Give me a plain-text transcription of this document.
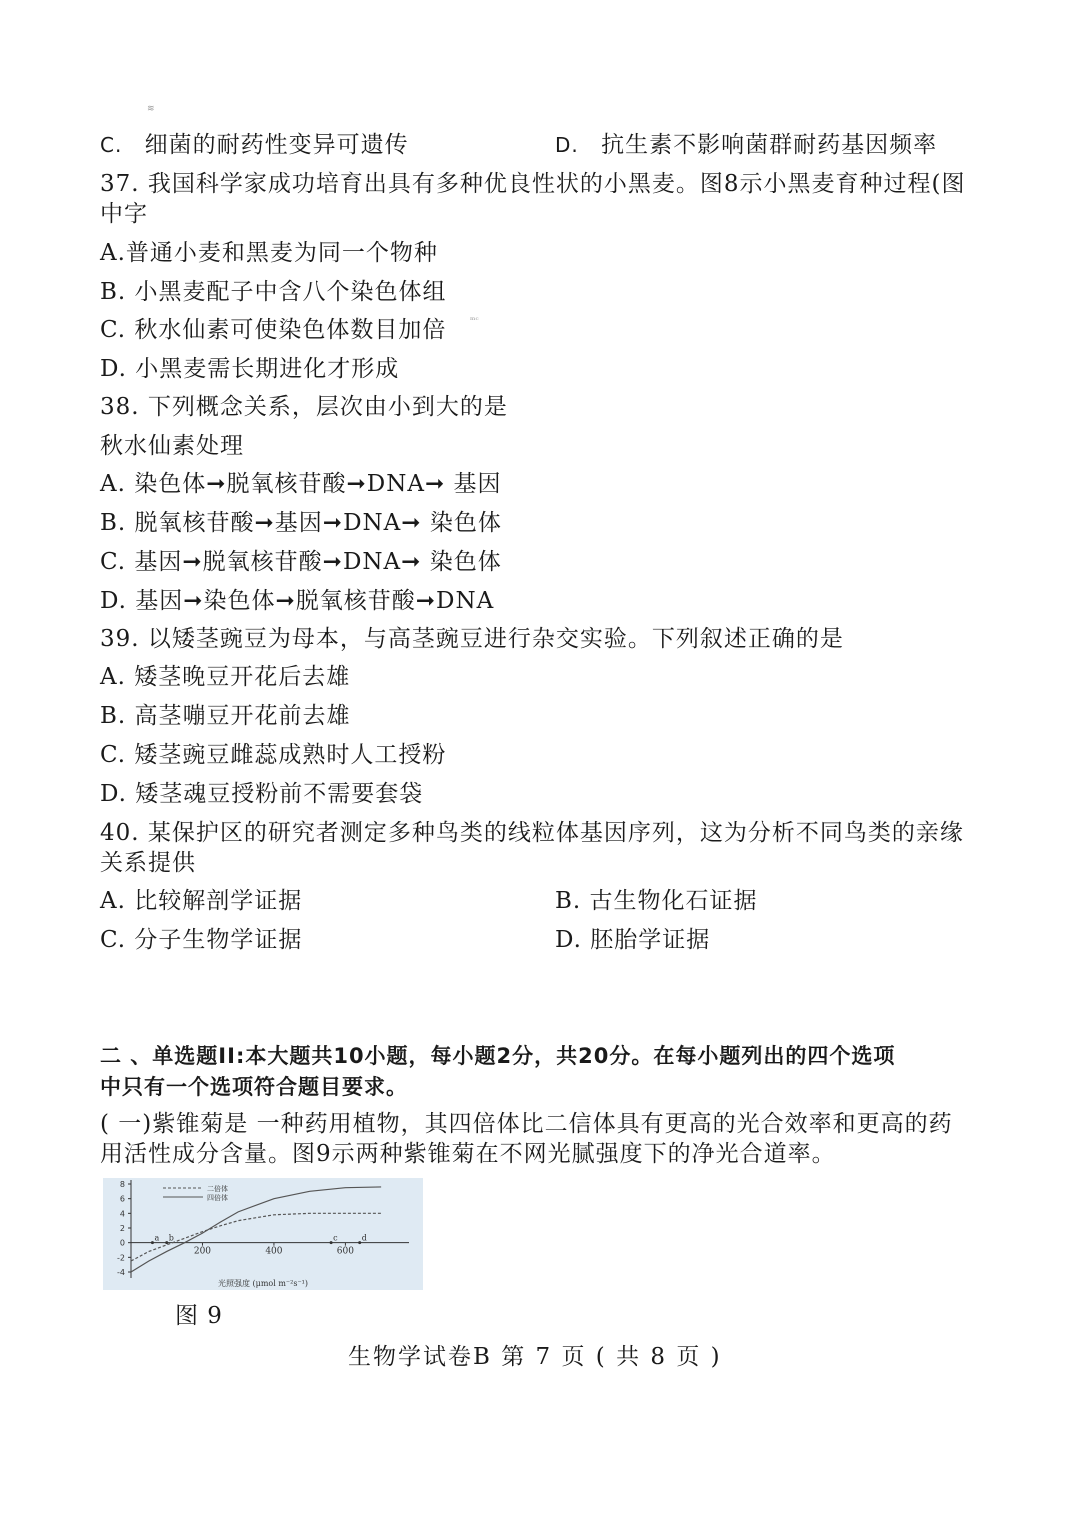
≋
ᵐᶜ
C. 细菌的耐药性变异可遗传	D. 抗生素不影响菌群耐药基因频率
37. 我国科学家成功培育出具有多种优良性状的小黑麦。图8示小黑麦育种过程(图
中字
A.普通小麦和黑麦为同一个物种
B. 小黑麦配子中含八个染色体组
C. 秋水仙素可使染色体数目加倍
D. 小黑麦需长期进化才形成
38. 下列概念关系，层次由小到大的是
秋水仙素处理
A. 染色体➞脱氧核苷酸➞DNA➞ 基因
B. 脱氧核苷酸➞基因➞DNA➞ 染色体
C. 基因➞脱氧核苷酸➞DNA➞ 染色体
D. 基因➞染色体➞脱氧核苷酸➞DNA
39. 以矮茎豌豆为母本，与高茎豌豆进行杂交实验。下列叙述正确的是
A. 矮茎晚豆开花后去雄
B. 高茎嘣豆开花前去雄
C. 矮茎豌豆雌蕊成熟时人工授粉
D. 矮茎魂豆授粉前不需要套袋
40. 某保护区的研究者测定多种鸟类的线粒体基因序列，这为分析不同鸟类的亲缘
关系提供
A. 比较解剖学证据	B. 古生物化石证据
C. 分子生物学证据	D. 胚胎学证据
二 、单选题II:本大题共10小题，每小题2分，共20分。在每小题列出的四个选项
中只有一个选项符合题目要求。
( 一)紫锥菊是 一种药用植物，其四倍体比二信体具有更高的光合效率和更高的药
用活性成分含量。图9示两种紫锥菊在不网光腻强度下的净光合道率。
8
6
4
2
0
-2
-4
200	400	600
二倍体
四倍体
a b	c	d
光照强度 (μmol m⁻²s⁻¹)
图 9
生物学试卷B 第 7 页 ( 共 8 页 )
